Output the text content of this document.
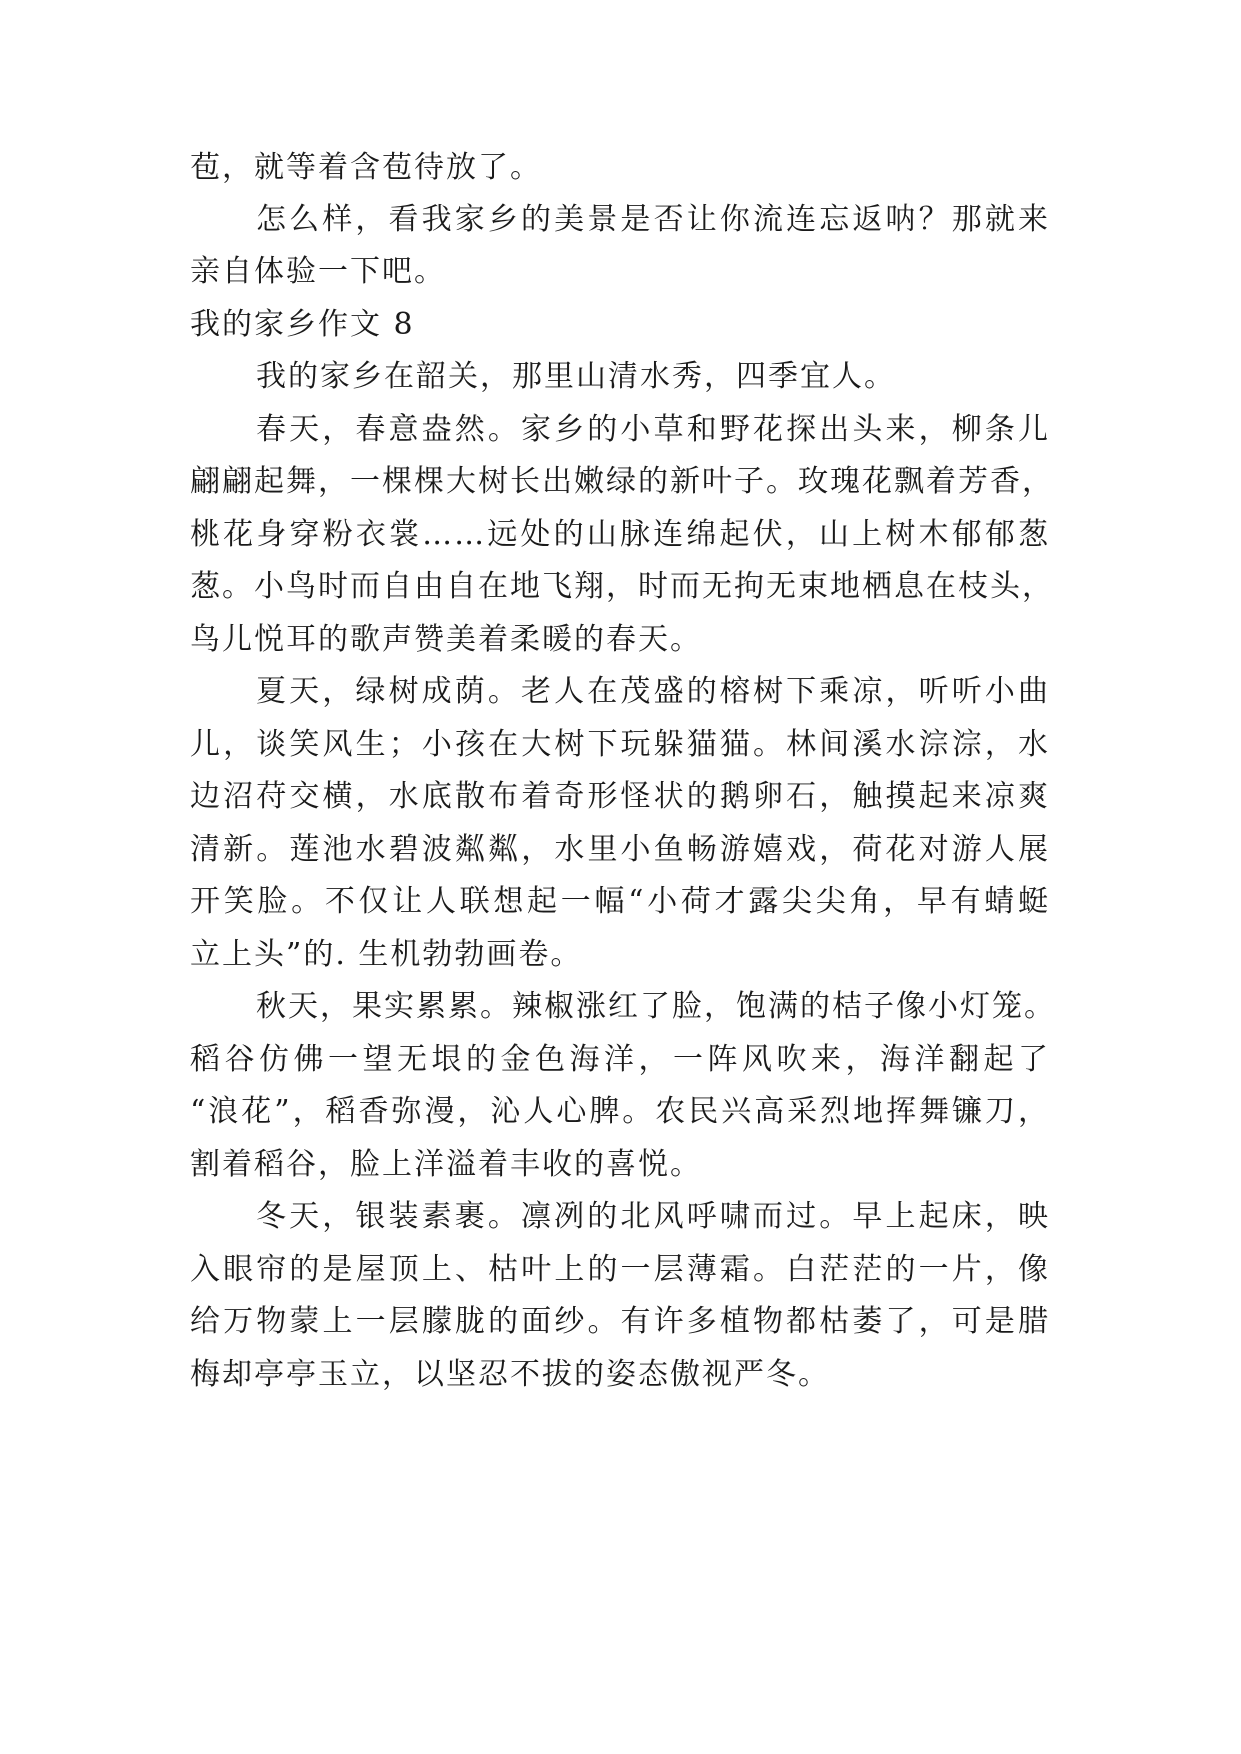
苞，就等着含苞待放了。
怎么样，看我家乡的美景是否让你流连忘返呐？那就来
亲自体验一下吧。
我的家乡作文 8
我的家乡在韶关，那里山清水秀，四季宜人。
春天，春意盎然。家乡的小草和野花探出头来，柳条儿
翩翩起舞，一棵棵大树长出嫩绿的新叶子。玫瑰花飘着芳香，
桃花身穿粉衣裳……远处的山脉连绵起伏，山上树木郁郁葱
葱。小鸟时而自由自在地飞翔，时而无拘无束地栖息在枝头，
鸟儿悦耳的歌声赞美着柔暖的春天。
夏天，绿树成荫。老人在茂盛的榕树下乘凉，听听小曲
儿，谈笑风生；小孩在大树下玩躲猫猫。林间溪水淙淙，水
边沼苻交横，水底散布着奇形怪状的鹅卵石，触摸起来凉爽
清新。莲池水碧波粼粼，水里小鱼畅游嬉戏，荷花对游人展
开笑脸。不仅让人联想起一幅“小荷才露尖尖角，早有蜻蜓
立上头”的. 生机勃勃画卷。
秋天，果实累累。辣椒涨红了脸，饱满的桔子像小灯笼。
稻谷仿佛一望无垠的金色海洋，一阵风吹来，海洋翻起了
“浪花”，稻香弥漫，沁人心脾。农民兴高采烈地挥舞镰刀，
割着稻谷，脸上洋溢着丰收的喜悦。
冬天，银装素裹。凛冽的北风呼啸而过。早上起床，映
入眼帘的是屋顶上、枯叶上的一层薄霜。白茫茫的一片，像
给万物蒙上一层朦胧的面纱。有许多植物都枯萎了，可是腊
梅却亭亭玉立，以坚忍不拔的姿态傲视严冬。
